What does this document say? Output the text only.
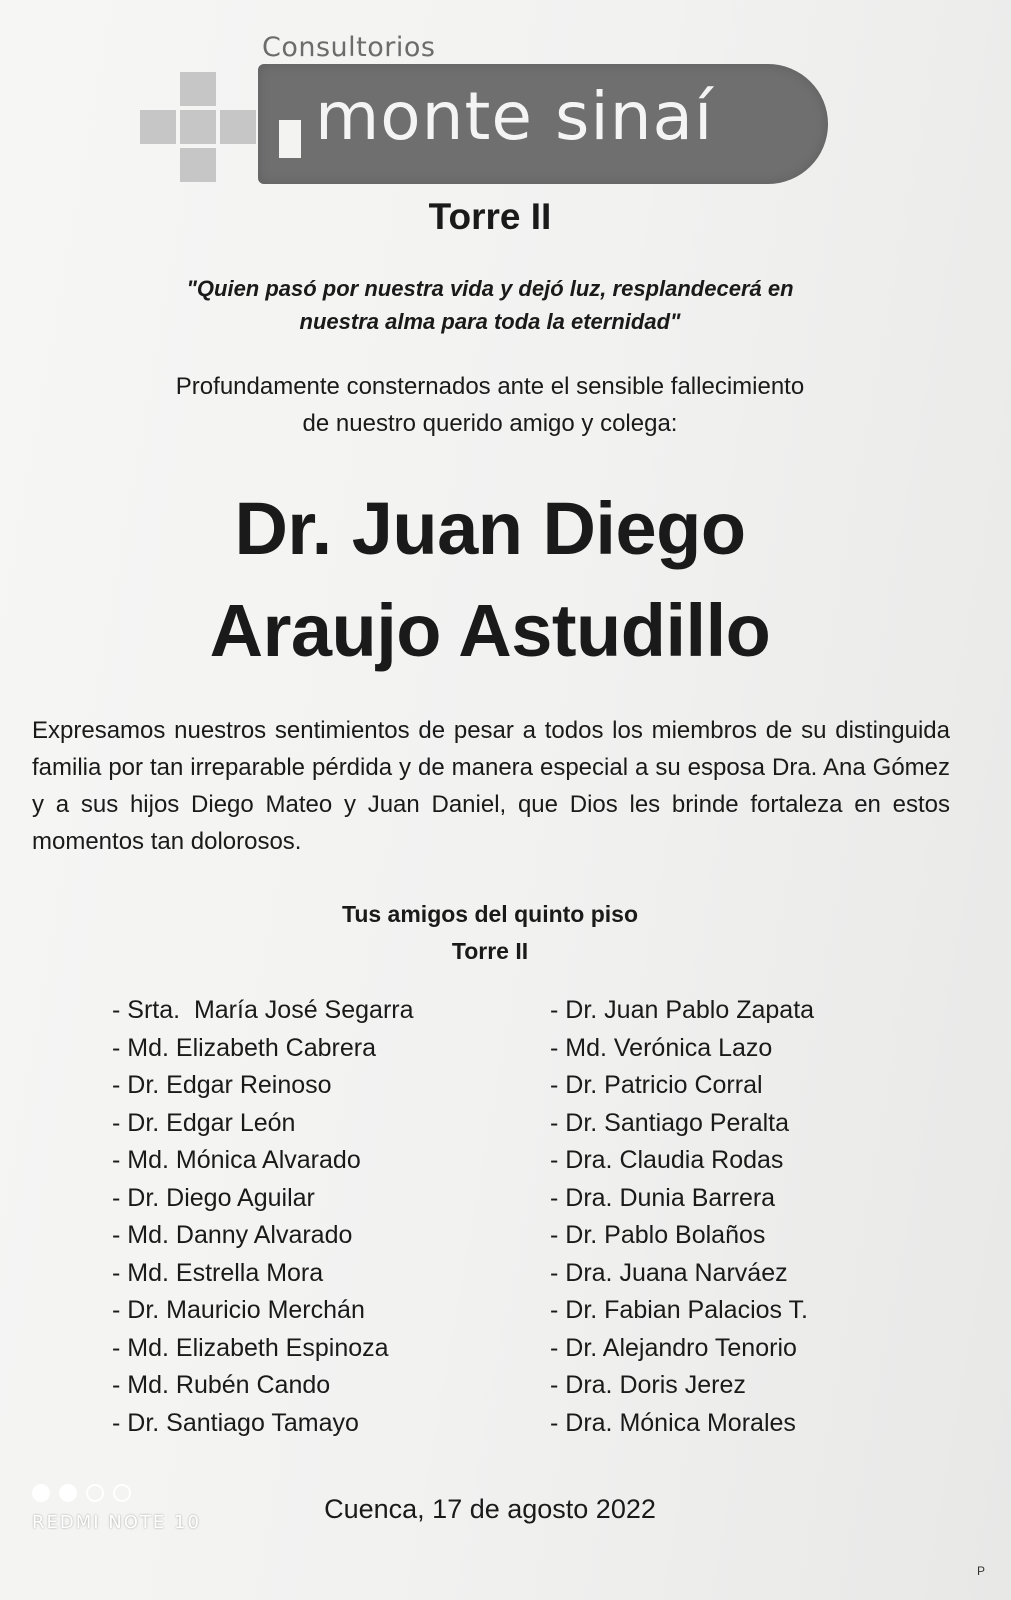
Consultorios
monte sinaí
Torre II
"Quien pasó por nuestra vida y dejó luz, resplandecerá en
nuestra alma para toda la eternidad"
Profundamente consternados ante el sensible fallecimiento
de nuestro querido amigo y colega:
Dr. Juan Diego
Araujo Astudillo
Expresamos nuestros sentimientos de pesar a todos los miembros de su distinguida familia por tan irreparable pérdida y de manera especial a su esposa Dra. Ana Gómez y a sus hijos Diego Mateo y Juan Daniel, que Dios les brinde fortaleza en estos momentos tan dolorosos.
Tus amigos del quinto piso
Torre II
- Srta.  María José Segarra
- Md. Elizabeth Cabrera
- Dr. Edgar Reinoso
- Dr. Edgar León
- Md. Mónica Alvarado
- Dr. Diego Aguilar
- Md. Danny Alvarado
- Md. Estrella Mora
- Dr. Mauricio Merchán
- Md. Elizabeth Espinoza
- Md. Rubén Cando
- Dr. Santiago Tamayo
- Dr. Juan Pablo Zapata
- Md. Verónica Lazo
- Dr. Patricio Corral
- Dr. Santiago Peralta
- Dra. Claudia Rodas
- Dra. Dunia Barrera
- Dr. Pablo Bolaños
- Dra. Juana Narváez
- Dr. Fabian Palacios T.
- Dr. Alejandro Tenorio
- Dra. Doris Jerez
- Dra. Mónica Morales
Cuenca, 17 de agosto 2022
REDMI NOTE 10
P
